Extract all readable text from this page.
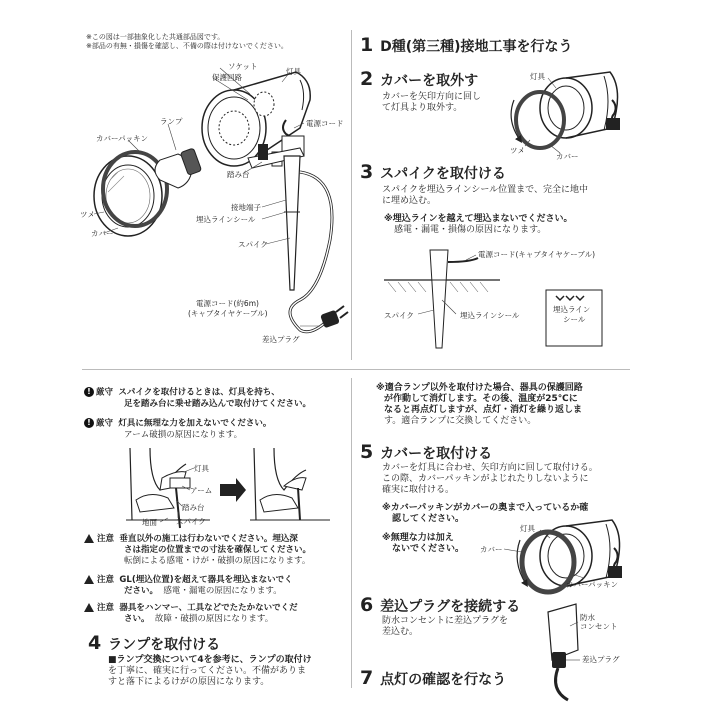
※この図は一部抽象化した共通部品図です。
※部品の有無・損傷を確認し、不備の際は付けないでください。
ソケット
保護回路
灯具
ランプ	電源コード
カバーパッキン
踏み台
接地端子
埋込ラインシール
ツメ
カバー
スパイク
電源コード(約6m)
(キャブタイヤケーブル)
差込プラグ
1 D種(第三種)接地工事を行なう
2 カバーを取外す
カバーを矢印方向に回し
て灯具より取外す。
灯具
ツメ
カバー
3 スパイクを取付ける
スパイクを埋込ラインシール位置まで、完全に地中
に埋め込む。
※埋込ラインを越えて埋込まないでください。
感電・漏電・損傷の原因になります。
電源コード(キャブタイヤケーブル)
スパイク	埋込ラインシール
埋込ライン
シール
! 厳守 スパイクを取付けるときは、灯具を持ち、
足を踏み台に乗せ踏み込んで取付けてください。
! 厳守 灯具に無理な力を加えないでください。
アーム破損の原因になります。
灯具
アーム
踏み台
地面	スパイク
注意 垂直以外の施工は行わないでください。埋込深
さは指定の位置までの寸法を確保してください。
転倒による感電・けが・破損の原因になります。
注意 GL(埋込位置)を超えて器具を埋込まないでく
ださい。 感電・漏電の原因になります。
注意 器具をハンマー、工具などでたたかないでくだ
さい。 故障・破損の原因になります。
4 ランプを取付ける
■ランプ交換について4を参考に、ランプの取付け
を丁寧に、確実に行ってください。不備がありま
すと落下によるけがの原因になります。
※適合ランプ以外を取付けた場合、器具の保護回路
が作動して消灯します。その後、温度が25℃に
なると再点灯しますが、点灯・消灯を繰り返しま
す。適合ランプに交換してください。
5 カバーを取付ける
カバーを灯具に合わせ、矢印方向に回して取付ける。
この際、カバーパッキンがよじれたりしないように
確実に取付ける。
※カバーパッキンがカバーの奥まで入っているか確
認してください。
※無理な力は加え
ないでください。
灯具
カバー
カバーパッキン
6 差込プラグを接続する
防水コンセントに差込プラグを
差込む。
防水
コンセント
差込プラグ
7 点灯の確認を行なう
